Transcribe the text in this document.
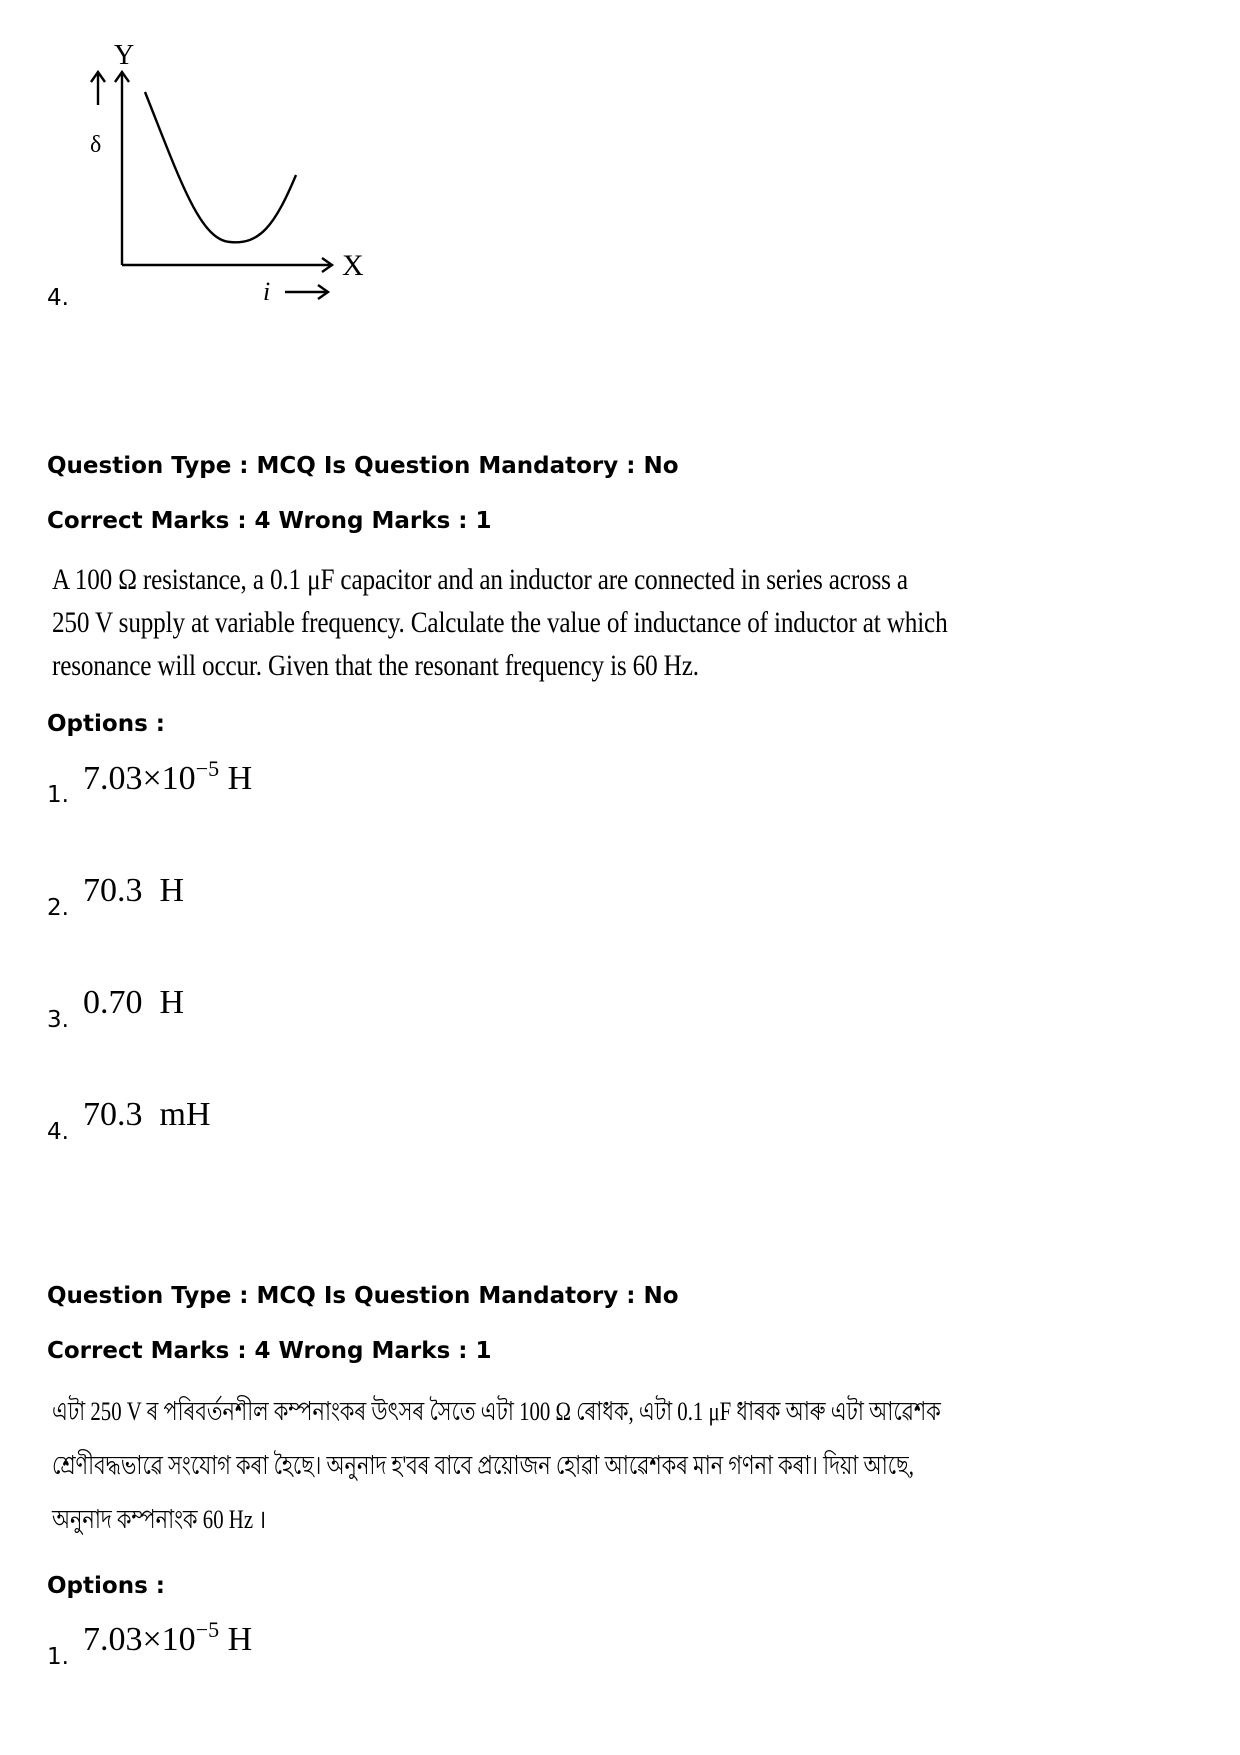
4.
Y
δ
X
i
Question Type : MCQ Is Question Mandatory : No
Correct Marks : 4 Wrong Marks : 1
A 100 Ω resistance, a 0.1 μF capacitor and an inductor are connected in series across a
250 V supply at variable frequency. Calculate the value of inductance of inductor at which
resonance will occur. Given that the resonant frequency is 60 Hz.
Options :
1. $7.03\times 10^{-5}$ H
2. 70.3 H
3. 0.70 H
4. 70.3 mH
Question Type : MCQ Is Question Mandatory : No
Correct Marks : 4 Wrong Marks : 1
এটা 250 V ৰ পৰিবৰ্তনশীল কম্পনাংকৰ উৎসৰ সৈতে এটা 100 Ω ৰোধক, এটা 0.1 μF ধাৰক আৰু এটা আৱেশক
শ্ৰেণীবদ্ধভাৱে সংযোগ কৰা হৈছে। অনুনাদ হ'বৰ বাবে প্ৰয়োজন হোৱা আৱেশকৰ মান গণনা কৰা। দিয়া আছে,
অনুনাদ কম্পনাংক 60 Hz ।
Options :
1. $7.03\times 10^{-5}$ H
